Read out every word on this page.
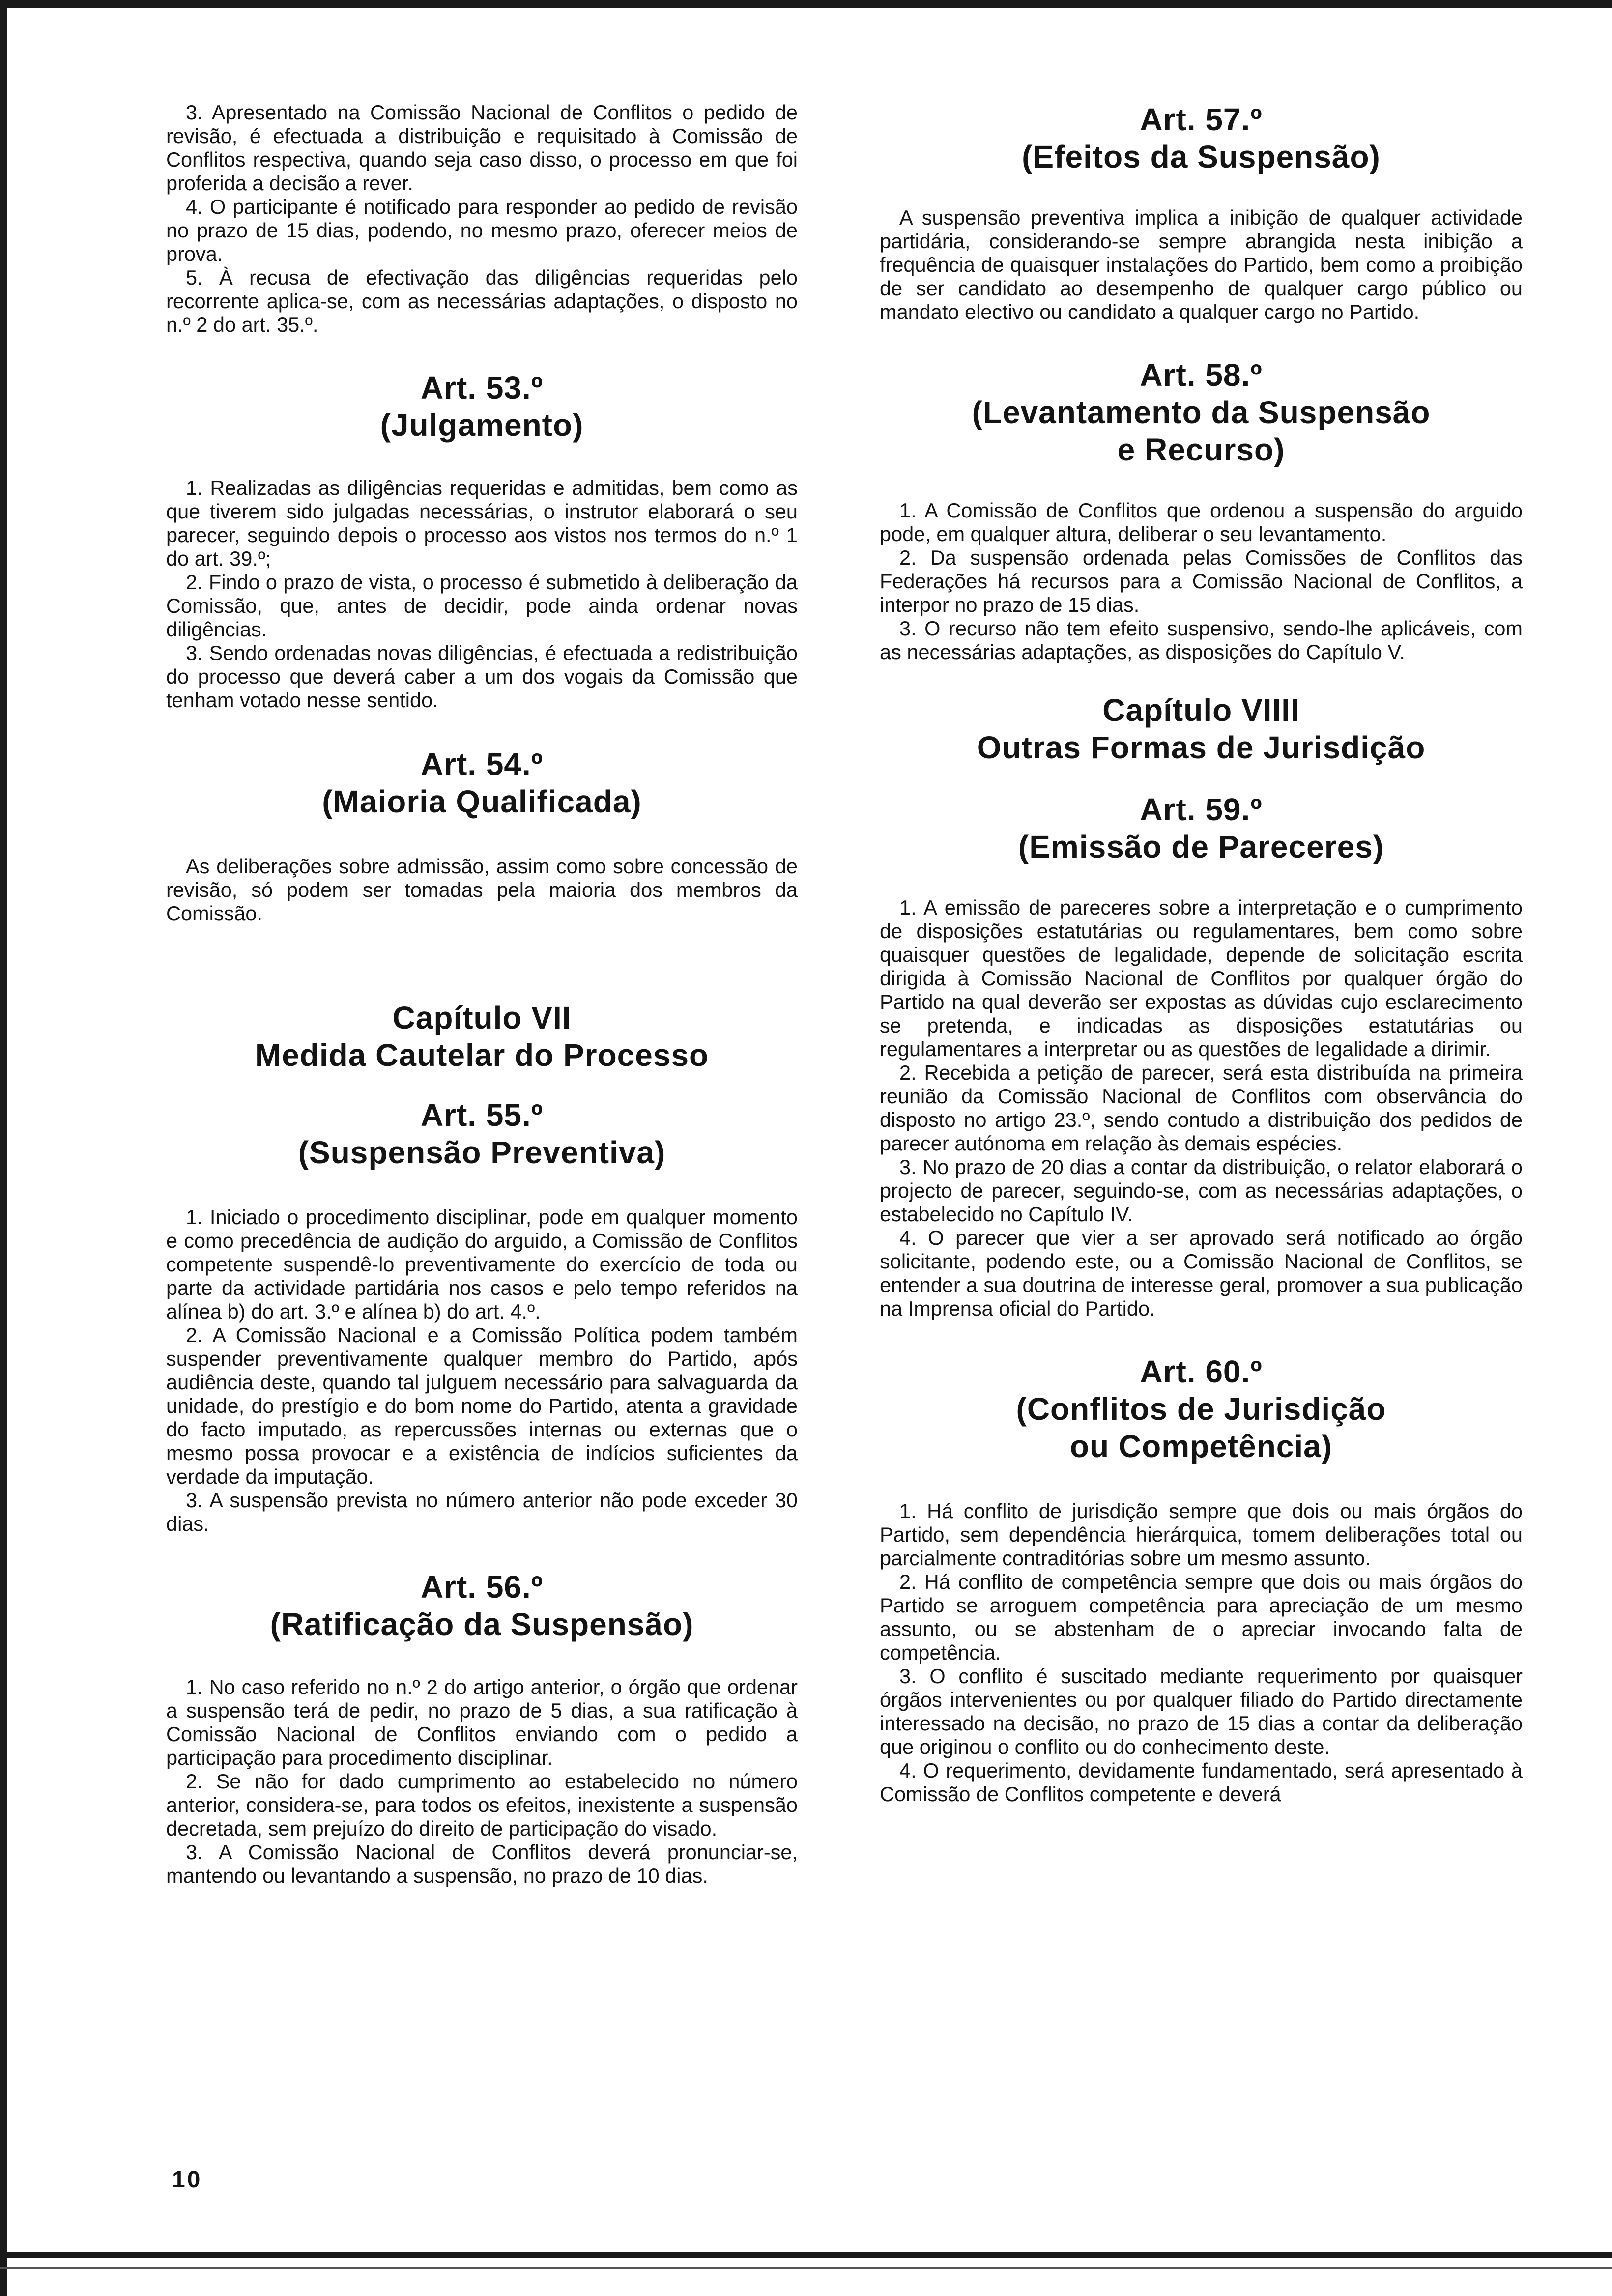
3. Apresentado na Comissão Nacional de Conflitos o pedido de revisão, é efectuada a distribuição e requisitado à Comissão de Conflitos respectiva, quando seja caso disso, o processo em que foi proferida a decisão a rever.

4. O participante é notificado para responder ao pedido de revisão no prazo de 15 dias, podendo, no mesmo prazo, oferecer meios de prova.

5. À recusa de efectivação das diligências requeridas pelo recorrente aplica-se, com as necessárias adaptações, o disposto no n.º 2 do art. 35.º.

Art. 53.º
(Julgamento)

1. Realizadas as diligências requeridas e admitidas, bem como as que tiverem sido julgadas necessárias, o instrutor elaborará o seu parecer, seguindo depois o processo aos vistos nos termos do n.º 1 do art. 39.º;

2. Findo o prazo de vista, o processo é submetido à deliberação da Comissão, que, antes de decidir, pode ainda ordenar novas diligências.

3. Sendo ordenadas novas diligências, é efectuada a redistribuição do processo que deverá caber a um dos vogais da Comissão que tenham votado nesse sentido.

Art. 54.º
(Maioria Qualificada)

As deliberações sobre admissão, assim como sobre concessão de revisão, só podem ser tomadas pela maioria dos membros da Comissão.

Capítulo VII
Medida Cautelar do Processo
Art. 55.º
(Suspensão Preventiva)

1. Iniciado o procedimento disciplinar, pode em qualquer momento e como precedência de audição do arguido, a Comissão de Conflitos competente suspendê-lo preventivamente do exercício de toda ou parte da actividade partidária nos casos e pelo tempo referidos na alínea b) do art. 3.º e alínea b) do art. 4.º.

2. A Comissão Nacional e a Comissão Política podem também suspender preventivamente qualquer membro do Partido, após audiência deste, quando tal julguem necessário para salvaguarda da unidade, do prestígio e do bom nome do Partido, atenta a gravidade do facto imputado, as repercussões internas ou externas que o mesmo possa provocar e a existência de indícios suficientes da verdade da imputação.

3. A suspensão prevista no número anterior não pode exceder 30 dias.

Art. 56.º
(Ratificação da Suspensão)

1. No caso referido no n.º 2 do artigo anterior, o órgão que ordenar a suspensão terá de pedir, no prazo de 5 dias, a sua ratificação à Comissão Nacional de Conflitos enviando com o pedido a participação para procedimento disciplinar.

2. Se não for dado cumprimento ao estabelecido no número anterior, considera-se, para todos os efeitos, inexistente a suspensão decretada, sem prejuízo do direito de participação do visado.

3. A Comissão Nacional de Conflitos deverá pronunciar-se, mantendo ou levantando a suspensão, no prazo de 10 dias.

Art. 57.º
(Efeitos da Suspensão)

A suspensão preventiva implica a inibição de qualquer actividade partidária, considerando-se sempre abrangida nesta inibição a frequência de quaisquer instalações do Partido, bem como a proibição de ser candidato ao desempenho de qualquer cargo público ou mandato electivo ou candidato a qualquer cargo no Partido.

Art. 58.º
(Levantamento da Suspensão
e Recurso)

1. A Comissão de Conflitos que ordenou a suspensão do arguido pode, em qualquer altura, deliberar o seu levantamento.

2. Da suspensão ordenada pelas Comissões de Conflitos das Federações há recursos para a Comissão Nacional de Conflitos, a interpor no prazo de 15 dias.

3. O recurso não tem efeito suspensivo, sendo-lhe aplicáveis, com as necessárias adaptações, as disposições do Capítulo V.

Capítulo VIIII
Outras Formas de Jurisdição
Art. 59.º
(Emissão de Pareceres)

1. A emissão de pareceres sobre a interpretação e o cumprimento de disposições estatutárias ou regulamentares, bem como sobre quaisquer questões de legalidade, depende de solicitação escrita dirigida à Comissão Nacional de Conflitos por qualquer órgão do Partido na qual deverão ser expostas as dúvidas cujo esclarecimento se pretenda, e indicadas as disposições estatutárias ou regulamentares a interpretar ou as questões de legalidade a dirimir.

2. Recebida a petição de parecer, será esta distribuída na primeira reunião da Comissão Nacional de Conflitos com observância do disposto no artigo 23.º, sendo contudo a distribuição dos pedidos de parecer autónoma em relação às demais espécies.

3. No prazo de 20 dias a contar da distribuição, o relator elaborará o projecto de parecer, seguindo-se, com as necessárias adaptações, o estabelecido no Capítulo IV.

4. O parecer que vier a ser aprovado será notificado ao órgão solicitante, podendo este, ou a Comissão Nacional de Conflitos, se entender a sua doutrina de interesse geral, promover a sua publicação na Imprensa oficial do Partido.

Art. 60.º
(Conflitos de Jurisdição
ou Competência)

1. Há conflito de jurisdição sempre que dois ou mais órgãos do Partido, sem dependência hierárquica, tomem deliberações total ou parcialmente contraditórias sobre um mesmo assunto.

2. Há conflito de competência sempre que dois ou mais órgãos do Partido se arroguem competência para apreciação de um mesmo assunto, ou se abstenham de o apreciar invocando falta de competência.

3. O conflito é suscitado mediante requerimento por quaisquer órgãos intervenientes ou por qualquer filiado do Partido directamente interessado na decisão, no prazo de 15 dias a contar da deliberação que originou o conflito ou do conhecimento deste.

4. O requerimento, devidamente fundamentado, será apresentado à Comissão de Conflitos competente e deverá

10
